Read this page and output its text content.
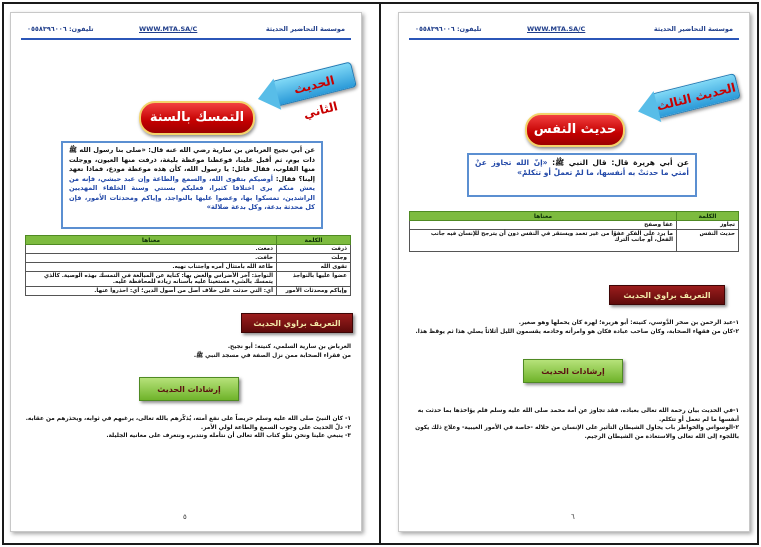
موسسة التحاضير الحديثة
WWW.MTA.SA/C
تليفون: ٠٥٥٨٣٩٦٠٠٦
الحديث الثاني
التمسك بالسنة
عن أبي نجيح العرباض بن سارية رضي الله عنه قال: «صلى بنا رسول الله ﷺ ذات يوم، ثم أقبل علينا، فوعظنا موعظة بليغة، ذرفت منها العيون، ووجلت منها القلوب، فقال قائل: يا رسول الله، كأن هذه موعظة مودع، فماذا تعهد إلينا؟ فقال: أوصيكم بتقوى الله، والسمع والطاعة وإن عبد حبشي، فإنه من يعش منكم يرى اختلافا كثيرا، فعليكم بسنتي وسنة الخلفاء المهديين الراشدين، تمسكوا بها، وعضوا عليها بالنواجذ، وإياكم ومحدثات الأمور، فإن كل محدثة بدعة، وكل بدعة ضلالة»
الكلمة	معناها
ذرفت	دمعت.
وجلت	خافت.
تقوى الله	طاعة الله بامتثال أمره واجتناب نهيه.
عضوا عليها بالنواجذ	النواجذ: آخر الأضراس والعض بها: كناية عن المبالغة في التمسك بهذه الوصية. كالذي يتمسك بالشيء مستعينا عليه بأسنانه زيادة للمحافظة عليه.
وإياكم ومحدثات الأمور	أي: التي حدثت على خلاف أصل من أصول الدين؛ أي: احذروا عنها.
التعريف براوي الحديث
العرباض بن سارية السلمي، كنيته: أبو نجيح.
من فقراء الصحابة ممن نزل الصفة في مسجد النبي ﷺ.
إرشادات الحديث
١- كان النبيّ صلى الله عليه وسلم حريصاً على نفع أمته، يُذكّرهم بالله تعالى، يرغبهم في ثوابه، ويحذرهم من عقابه.
٢- دلّ الحديث على وجوب السمع والطاعة لولي الأمر.
٣- ينبغي علينا ونحن نتلو كتاب الله تعالى أن نتأمله ونتدبره ونتعرف على معانيه الجليلة.
٥
موسسة التحاضير الحديثة
WWW.MTA.SA/C
تليفون: ٠٥٥٨٣٩٦٠٠٦
الحديث الثالث
حديث النفس
عن أبي هريرة قال: قال النبي ﷺ: «إنّ الله تجاوز عنْ أمتي ما حدثتْ به أنفسها، ما لمْ تعملْ أو تتكلمْ»
الكلمة	معناها
تجاوز	عفا وصفح
حديث النفس	ما يرد على الفكر عفوًا من غير تعمد ويستقر في النفس دون أن يترجح للإنسان فيه جانب الفعل، أو جانب الترك
التعريف براوي الحديث
١-عبد الرحمن بن صخر الدَّوسي، كنيته: أبو هريرة؛ لهرة كان يحملها وهو صغير.
٢-كان من فقهاء الصحابة، وكان صاحب عبادة فكان هو وامرأته وخادمه يقسمون الليل أثلاثاً يصلي هذا ثم يوقظ هذا.
إرشادات الحديث
١-في الحديث بيان رحمة الله تعالى بعباده، فقد تجاوز عن أمة محمد صلى الله عليه وسلم فلم يؤاخذها بما حدثت به أنفسها ما لم تعمل أو تتكلم.
٢-الوسواس والخواطر باب يحاول الشيطان التأثير على الإنسان من خلاله -خاصة في الأمور الغيبية- وعلاج ذلك يكون باللجوء إلى الله تعالى والاستعاذة من الشيطان الرجيم.
٦
